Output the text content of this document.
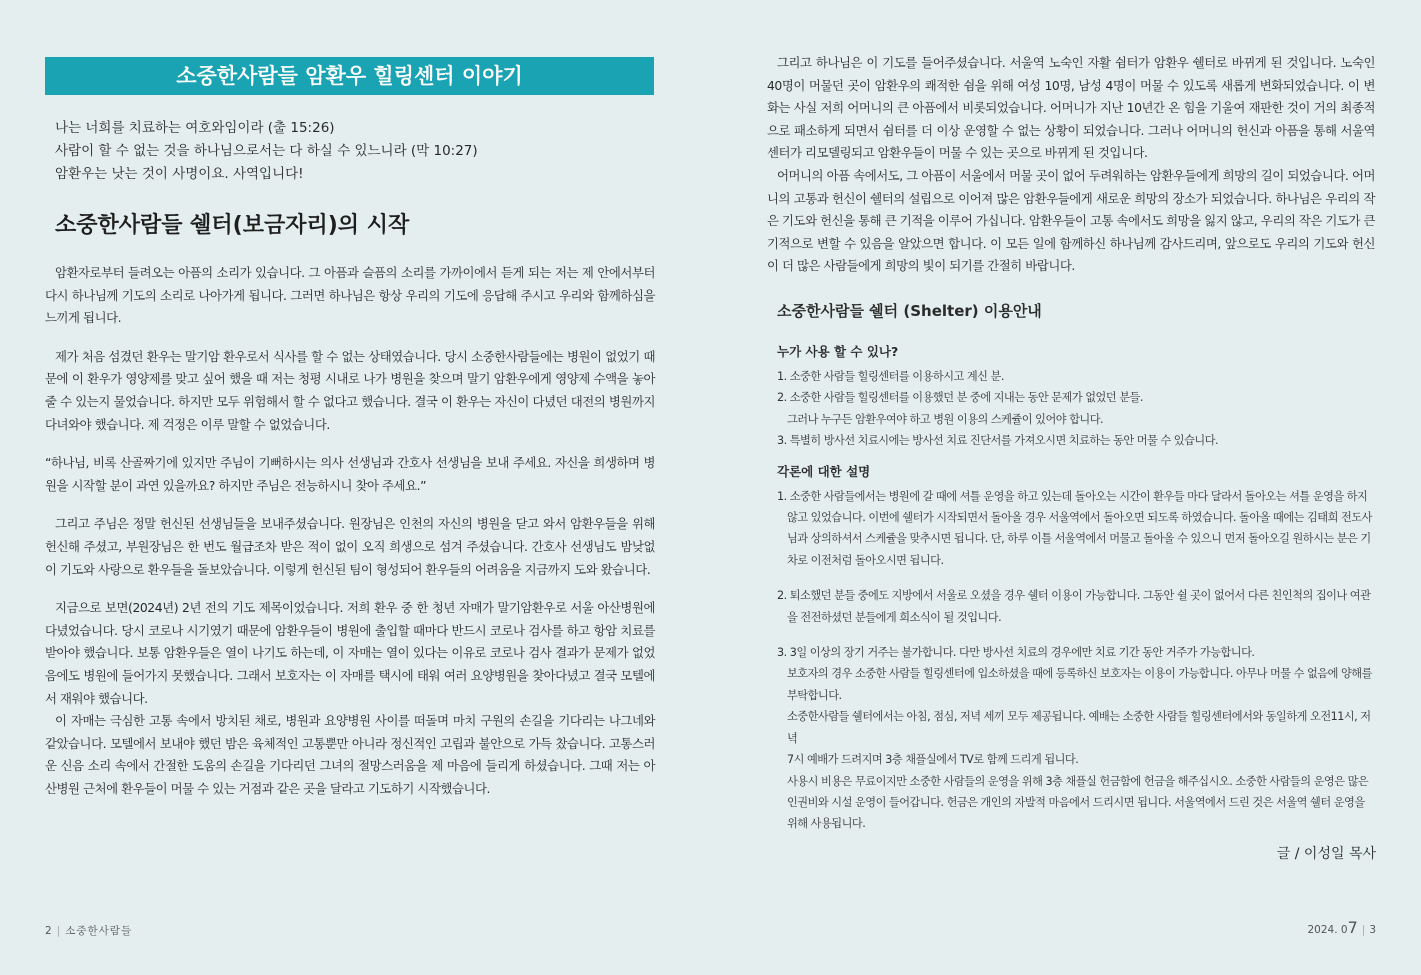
소중한사람들 암환우 힐링센터 이야기

나는 너희를 치료하는 여호와임이라 (출 15:26)

사람이 할 수 없는 것을 하나님으로서는 다 하실 수 있느니라 (막 10:27)

암환우는 낫는 것이 사명이요. 사역입니다!

소중한사람들 쉘터(보금자리)의 시작

암환자로부터 들려오는 아픔의 소리가 있습니다. 그 아픔과 슬픔의 소리를 가까이에서 듣게 되는 저는 제 안에서부터 다시 하나님께 기도의 소리로 나아가게 됩니다. 그러면 하나님은 항상 우리의 기도에 응답해 주시고 우리와 함께하심을 느끼게 됩니다.

제가 처음 섬겼던 환우는 말기암 환우로서 식사를 할 수 없는 상태였습니다. 당시 소중한사람들에는 병원이 없었기 때문에 이 환우가 영양제를 맞고 싶어 했을 때 저는 청평 시내로 나가 병원을 찾으며 말기 암환우에게 영양제 수액을 놓아줄 수 있는지 물었습니다. 하지만 모두 위험해서 할 수 없다고 했습니다. 결국 이 환우는 자신이 다녔던 대전의 병원까지 다녀와야 했습니다. 제 걱정은 이루 말할 수 없었습니다.

“하나님, 비록 산골짜기에 있지만 주님이 기뻐하시는 의사 선생님과 간호사 선생님을 보내 주세요. 자신을 희생하며 병원을 시작할 분이 과연 있을까요? 하지만 주님은 전능하시니 찾아 주세요.”

그리고 주님은 정말 헌신된 선생님들을 보내주셨습니다. 원장님은 인천의 자신의 병원을 닫고 와서 암환우들을 위해 헌신해 주셨고, 부원장님은 한 번도 월급조차 받은 적이 없이 오직 희생으로 섬겨 주셨습니다. 간호사 선생님도 밤낮없이 기도와 사랑으로 환우들을 돌보았습니다. 이렇게 헌신된 팀이 형성되어 환우들의 어려움을 지금까지 도와 왔습니다.

지금으로 보면(2024년) 2년 전의 기도 제목이었습니다. 저희 환우 중 한 청년 자매가 말기암환우로 서울 아산병원에 다녔었습니다. 당시 코로나 시기였기 때문에 암환우들이 병원에 출입할 때마다 반드시 코로나 검사를 하고 항암 치료를 받아야 했습니다. 보통 암환우들은 열이 나기도 하는데, 이 자매는 열이 있다는 이유로 코로나 검사 결과가 문제가 없었음에도 병원에 들어가지 못했습니다. 그래서 보호자는 이 자매를 택시에 태워 여러 요양병원을 찾아다녔고 결국 모텔에서 재워야 했습니다.

이 자매는 극심한 고통 속에서 방치된 채로, 병원과 요양병원 사이를 떠돌며 마치 구원의 손길을 기다리는 나그네와 같았습니다. 모텔에서 보내야 했던 밤은 육체적인 고통뿐만 아니라 정신적인 고립과 불안으로 가득 찼습니다. 고통스러운 신음 소리 속에서 간절한 도움의 손길을 기다리던 그녀의 절망스러움을 제 마음에 들리게 하셨습니다. 그때 저는 아산병원 근처에 환우들이 머물 수 있는 거점과 같은 곳을 달라고 기도하기 시작했습니다.

2 | 소중한사람들

그리고 하나님은 이 기도를 들어주셨습니다. 서울역 노숙인 자활 쉼터가 암환우 쉘터로 바뀌게 된 것입니다. 노숙인 40명이 머물던 곳이 암환우의 쾌적한 쉼을 위해 여성 10명, 남성 4명이 머물 수 있도록 새롭게 변화되었습니다. 이 변화는 사실 저희 어머니의 큰 아픔에서 비롯되었습니다. 어머니가 지난 10년간 온 힘을 기울여 재판한 것이 거의 최종적으로 패소하게 되면서 쉼터를 더 이상 운영할 수 없는 상황이 되었습니다. 그러나 어머니의 헌신과 아픔을 통해 서울역 센터가 리모델링되고 암환우들이 머물 수 있는 곳으로 바뀌게 된 것입니다.

어머니의 아픔 속에서도, 그 아픔이 서울에서 머물 곳이 없어 두려워하는 암환우들에게 희망의 길이 되었습니다. 어머니의 고통과 헌신이 쉘터의 설립으로 이어져 많은 암환우들에게 새로운 희망의 장소가 되었습니다. 하나님은 우리의 작은 기도와 헌신을 통해 큰 기적을 이루어 가십니다. 암환우들이 고통 속에서도 희망을 잃지 않고, 우리의 작은 기도가 큰 기적으로 변할 수 있음을 알았으면 합니다. 이 모든 일에 함께하신 하나님께 감사드리며, 앞으로도 우리의 기도와 헌신이 더 많은 사람들에게 희망의 빛이 되기를 간절히 바랍니다.

소중한사람들 쉘터 (Shelter) 이용안내

누가 사용 할 수 있나?

1. 소중한 사람들 힐링센터를 이용하시고 계신 분.

2. 소중한 사람들 힐링센터를 이용했던 분 중에 지내는 동안 문제가 없었던 분들.

그러나 누구든 암환우여야 하고 병원 이용의 스케쥴이 있어야 합니다.

3. 특별히 방사선 치료시에는 방사선 치료 진단서를 가져오시면 치료하는 동안 머물 수 있습니다.

각론에 대한 설명

1. 소중한 사람들에서는 병원에 갈 때에 셔틀 운영을 하고 있는데 돌아오는 시간이 환우들 마다 달라서 돌아오는 셔틀 운영을 하지

않고 있었습니다. 이번에 쉘터가 시작되면서 돌아올 경우 서울역에서 돌아오면 되도록 하였습니다. 돌아올 때에는 김태희 전도사

님과 상의하셔서 스케쥴을 맞추시면 됩니다. 단, 하루 이틀 서울역에서 머물고 돌아올 수 있으니 먼저 돌아오길 원하시는 분은 기

차로 이전처럼 돌아오시면 됩니다.

2. 퇴소했던 분들 중에도 지방에서 서울로 오셨을 경우 쉘터 이용이 가능합니다. 그동안 쉴 곳이 없어서 다른 친인척의 집이나 여관

을 전전하셨던 분들에게 희소식이 될 것입니다.

3. 3일 이상의 장기 거주는 불가합니다. 다만 방사선 치료의 경우에만 치료 기간 동안 거주가 가능합니다.

보호자의 경우 소중한 사람들 힐링센터에 입소하셨을 때에 등록하신 보호자는 이용이 가능합니다. 아무나 머물 수 없음에 양해를

부탁합니다.

소중한사람들 쉘터에서는 아침, 점심, 저녁 세끼 모두 제공됩니다. 예배는 소중한 사람들 힐링센터에서와 동일하게 오전11시, 저녁

7시 예배가 드려지며 3층 채플실에서 TV로 함께 드리게 됩니다.

사용시 비용은 무료이지만 소중한 사람들의 운영을 위해 3층 채플실 헌금함에 헌금을 해주십시오. 소중한 사람들의 운영은 많은

인권비와 시설 운영이 들어갑니다. 헌금은 개인의 자발적 마음에서 드리시면 됩니다. 서울역에서 드린 것은 서울역 쉘터 운영을

위해 사용됩니다.

글 / 이성일 목사

2024. 07 | 3
